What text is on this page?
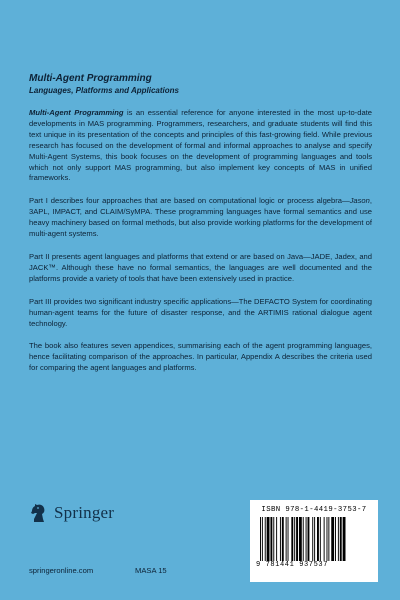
Multi-Agent Programming

Languages, Platforms and Applications

Multi-Agent Programming is an essential reference for anyone interested in the most up-to-date developments in MAS programming. Programmers, researchers, and graduate students will find this text unique in its presentation of the concepts and principles of this fast-growing field. While previous research has focused on the development of formal and informal approaches to analyse and specify Multi-Agent Systems, this book focuses on the development of programming languages and tools which not only support MAS programming, but also implement key concepts of MAS in unified frameworks.

Part I describes four approaches that are based on computational logic or process algebra—Jason, 3APL, IMPACT, and CLAIM/SyMPA. These programming languages have formal semantics and use heavy machinery based on formal methods, but also provide working platforms for the development of multi-agent systems.

Part II presents agent languages and platforms that extend or are based on Java—JADE, Jadex, and JACK™. Although these have no formal semantics, the languages are well documented and the platforms provide a variety of tools that have been extensively used in practice.

Part III provides two significant industry specific applications—The DEFACTO System for coordinating human-agent teams for the future of disaster response, and the ARTIMIS rational dialogue agent technology.

The book also features seven appendices, summarising each of the agent programming languages, hence facilitating comparison of the approaches. In particular, Appendix A describes the criteria used for comparing the agent languages and platforms.

Springer	ISBN 978-1-4419-3753-7
9 781441 937537
springeronline.com	MASA 15
